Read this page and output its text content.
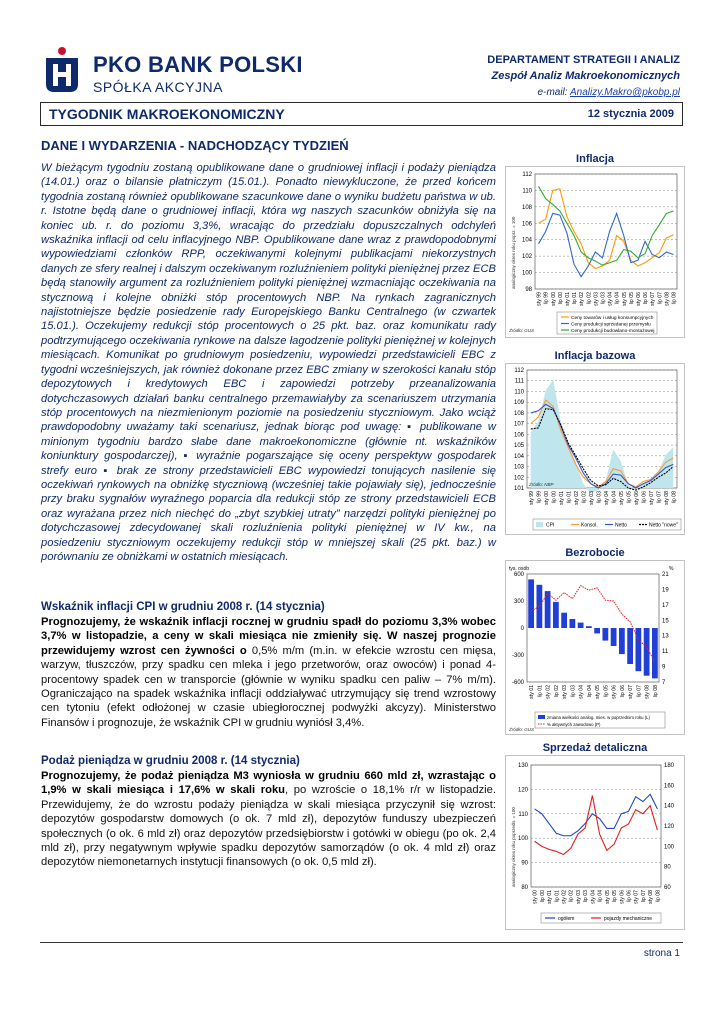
PKO BANK POLSKI
SPÓŁKA AKCYJNA
DEPARTAMENT STRATEGII I ANALIZ
Zespół Analiz Makroekonomicznych
e-mail: Analizy.Makro@pkobp.pl
TYGODNIK MAKROEKONOMICZNY	12 stycznia 2009
DANE I WYDARZENIA - NADCHODZĄCY TYDZIEŃ
W bieżącym tygodniu zostaną opublikowane dane o grudniowej inflacji i podaży pieniądza (14.01.) oraz o bilansie płatniczym (15.01.). Ponadto niewykluczone, że przed końcem tygodnia zostaną również opublikowane szacunkowe dane o wyniku budżetu państwa w ub. r. Istotne będą dane o grudniowej inflacji, która wg naszych szacunków obniżyła się na koniec ub. r. do poziomu 3,3%, wracając do przedziału dopuszczalnych odchyleń wskaźnika inflacji od celu inflacyjnego NBP. Opublikowane dane wraz z prawdopodobnymi wypowiedziami członków RPP, oczekiwanymi kolejnymi publikacjami niekorzystnych danych ze sfery realnej i dalszym oczekiwanym rozluźnieniem polityki pieniężnej przez ECB będą stanowiły argument za rozluźnieniem polityki pieniężnej wzmacniając oczekiwania na stycznową i kolejne obniżki stóp procentowych NBP. Na rynkach zagranicznych najistotniejsze będzie posiedzenie rady Europejskiego Banku Centralnego (w czwartek 15.01.). Oczekujemy redukcji stóp procentowych o 25 pkt. baz. oraz komunikatu rady podtrzymującego oczekiwania rynkowe na dalsze łagodzenie polityki pieniężnej w kolejnych miesiącach. Komunikat po grudniowym posiedzeniu, wypowiedzi przedstawicieli EBC z tygodni wcześniejszych, jak również dokonane przez EBC zmiany w szerokości kanału stóp depozytowych i kredytowych EBC i zapowiedzi potrzeby przeanalizowania dotychczasowych działań banku centralnego przemawiałyby za scenariuszem utrzymania stóp procentowych na niezmienionym poziomie na posiedzeniu styczniowym. Jako wciąż prawdopodobny uważamy taki scenariusz, jednak biorąc pod uwagę: ▪ publikowane w minionym tygodniu bardzo słabe dane makroekonomiczne (głównie nt. wskaźników koniunktury gospodarczej), ▪ wyraźnie pogarszające się oceny perspektyw gospodarek strefy euro ▪ brak ze strony przedstawicieli EBC wypowiedzi tonujących nasilenie się oczekiwań rynkowych na obniżkę styczniową (wcześniej takie pojawiały się), jednocześnie przy braku sygnałów wyraźnego poparcia dla redukcji stóp ze strony przedstawicieli ECB oraz wyrażana przez nich niechęć do „zbyt szybkiej utraty” narzędzi polityki pieniężnej po dotychczasowej zdecydowanej skali rozluźnienia polityki pieniężnej w IV kw., na posiedzeniu styczniowym oczekujemy redukcji stóp w mniejszej skali (25 pkt. baz.) w porównaniu ze obniżkami w ostatnich miesiącach.
Wskaźnik inflacji CPI w grudniu 2008 r. (14 stycznia)
Prognozujemy, że wskaźnik inflacji rocznej w grudniu spadł do poziomu 3,3% wobec 3,7% w listopadzie, a ceny w skali miesiąca nie zmieniły się. W naszej prognozie przewidujemy wzrost cen żywności o 0,5% m/m (m.in. w efekcie wzrostu cen mięsa, warzyw, tłuszczów, przy spadku cen mleka i jego przetworów, oraz owoców) i ponad 4-procentowy spadek cen w transporcie (głównie w wyniku spadku cen paliw – 7% m/m). Ograniczająco na spadek wskaźnika inflacji oddziaływać utrzymujący się trend wzrostowy cen tytoniu (efekt odłożonej w czasie ubiegłorocznej podwyżki akcyzy). Ministerstwo Finansów i prognozuje, że wskaźnik CPI w grudniu wyniósł 3,4%.
Podaż pieniądza w grudniu 2008 r. (14 stycznia)
Prognozujemy, że podaż pieniądza M3 wyniosła w grudniu 660 mld zł, wzrastając o 1,9% w skali miesiąca i 17,6% w skali roku, po wzroście o 18,1% r/r w listopadzie. Przewidujemy, że do wzrostu podaży pieniądza w skali miesiąca przyczynił się wzrost: depozytów gospodarstw domowych (o ok. 7 mld zł), depozytów funduszy ubezpieczeń społecznych (o ok. 6 mld zł) oraz depozytów przedsiębiorstw i gotówki w obiegu (po ok. 2,4 mld zł), przy negatywnym wpływie spadku depozytów samorządów (o ok. 4 mld zł) oraz depozytów niemonetarnych instytucji finansowych (o ok. 0,5 mld zł).
Inflacja
Inflacja bazowa
Bezrobocie
Sprzedaż detaliczna
98
100
102
104
106
108
110
112
sty 99 lip 99 sty 00 lip 00 sty 01 lip 01 sty 02 lip 02 sty 03 lip 03 sty 04 lip 04 sty 05 lip 05 sty 06 lip 06 sty 07 lip 07 sty 08 lip 08
analogiczny okres roku poprz. = 100
Ceny towarów i usług konsumpcyjnych
Ceny produkcji sprzedanej przemysłu
Ceny produkcji budowlano-montażowej
Źródło: GUS
101
102
103
104
105
106
107
108
109
110
111
112
sty 99 lip 99 sty 00 lip 00 sty 01 lip 01 sty 02 lip 02 sty 03 lip 03 sty 04 lip 04 sty 05 lip 05 sty 06 lip 06 sty 07 lip 07 sty 08 lip 08
Źródło: NBP
CPI	Konsol.	Netto	Netto "nowe"
-600
-300
0
300
600
7
9
11
13
15
17
19
21
tys. osób	%
sty 01 lip 01 sty 02 lip 02 sty 03 lip 03 sty 04 lip 04 sty 05 lip 05 sty 06 lip 06 sty 07 lip 07 sty 08 lip 08
zmiana wielkości analog. mies. w poprzednim roku (L)
% aktywnych zawodowo (P)
Źródło: GUS
80
90
100
110
120
130
60
80
100
120
140
160
180
sty 00 lip 00 sty 01 lip 01 sty 02 lip 02 sty 03 lip 03 sty 04 lip 04 sty 05 lip 05 sty 06 lip 06 sty 07 lip 07 sty 08 lip 08
analogiczny okres roku poprzedn. = 100
ogółem	pojazdy mechaniczne
strona 1
